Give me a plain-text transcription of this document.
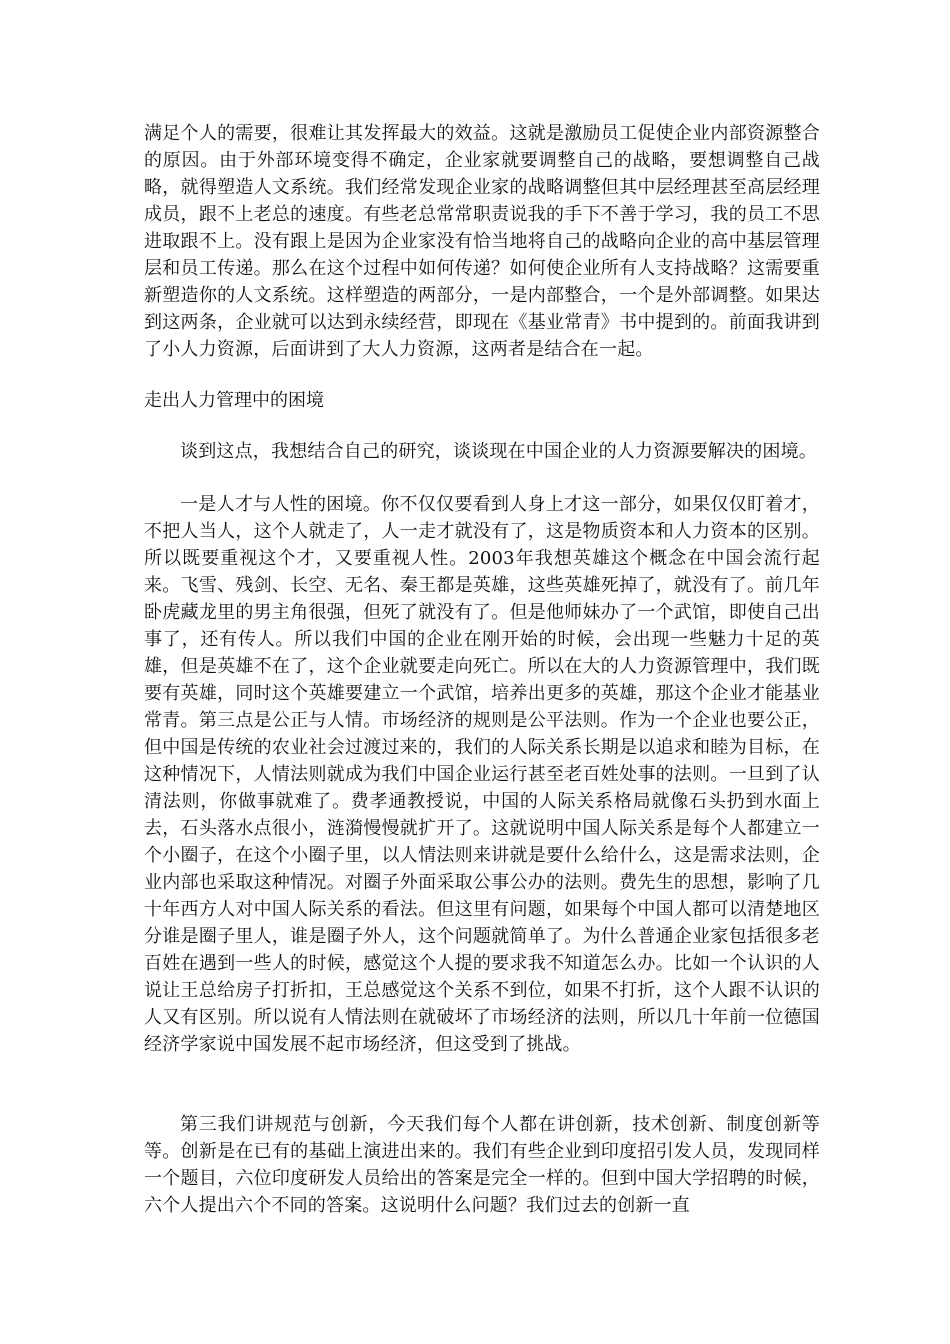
满足个人的需要，很难让其发挥最大的效益。这就是激励员工促使企业内部资源整合的原因。由于外部环境变得不确定，企业家就要调整自己的战略，要想调整自己战略，就得塑造人文系统。我们经常发现企业家的战略调整但其中层经理甚至高层经理成员，跟不上老总的速度。有些老总常常职责说我的手下不善于学习，我的员工不思进取跟不上。没有跟上是因为企业家没有恰当地将自己的战略向企业的高中基层管理层和员工传递。那么在这个过程中如何传递？如何使企业所有人支持战略？这需要重新塑造你的人文系统。这样塑造的两部分，一是内部整合，一个是外部调整。如果达到这两条，企业就可以达到永续经营，即现在《基业常青》书中提到的。前面我讲到了小人力资源，后面讲到了大人力资源，这两者是结合在一起。

走出人力管理中的困境

谈到这点，我想结合自己的研究，谈谈现在中国企业的人力资源要解决的困境。

一是人才与人性的困境。你不仅仅要看到人身上才这一部分，如果仅仅盯着才，不把人当人，这个人就走了，人一走才就没有了，这是物质资本和人力资本的区别。所以既要重视这个才，又要重视人性。2003年我想英雄这个概念在中国会流行起来。飞雪、残剑、长空、无名、秦王都是英雄，这些英雄死掉了，就没有了。前几年卧虎藏龙里的男主角很强，但死了就没有了。但是他师妹办了一个武馆，即使自己出事了，还有传人。所以我们中国的企业在刚开始的时候，会出现一些魅力十足的英雄，但是英雄不在了，这个企业就要走向死亡。所以在大的人力资源管理中，我们既要有英雄，同时这个英雄要建立一个武馆，培养出更多的英雄，那这个企业才能基业常青。第三点是公正与人情。市场经济的规则是公平法则。作为一个企业也要公正，但中国是传统的农业社会过渡过来的，我们的人际关系长期是以追求和睦为目标，在这种情况下，人情法则就成为我们中国企业运行甚至老百姓处事的法则。一旦到了认清法则，你做事就难了。费孝通教授说，中国的人际关系格局就像石头扔到水面上去，石头落水点很小，涟漪慢慢就扩开了。这就说明中国人际关系是每个人都建立一个小圈子，在这个小圈子里，以人情法则来讲就是要什么给什么，这是需求法则，企业内部也采取这种情况。对圈子外面采取公事公办的法则。费先生的思想，影响了几十年西方人对中国人际关系的看法。但这里有问题，如果每个中国人都可以清楚地区分谁是圈子里人，谁是圈子外人，这个问题就简单了。为什么普通企业家包括很多老百姓在遇到一些人的时候，感觉这个人提的要求我不知道怎么办。比如一个认识的人说让王总给房子打折扣，王总感觉这个关系不到位，如果不打折，这个人跟不认识的人又有区别。所以说有人情法则在就破坏了市场经济的法则，所以几十年前一位德国经济学家说中国发展不起市场经济，但这受到了挑战。

第三我们讲规范与创新，今天我们每个人都在讲创新，技术创新、制度创新等等。创新是在已有的基础上演进出来的。我们有些企业到印度招引发人员，发现同样一个题目，六位印度研发人员给出的答案是完全一样的。但到中国大学招聘的时候，六个人提出六个不同的答案。这说明什么问题？我们过去的创新一直
